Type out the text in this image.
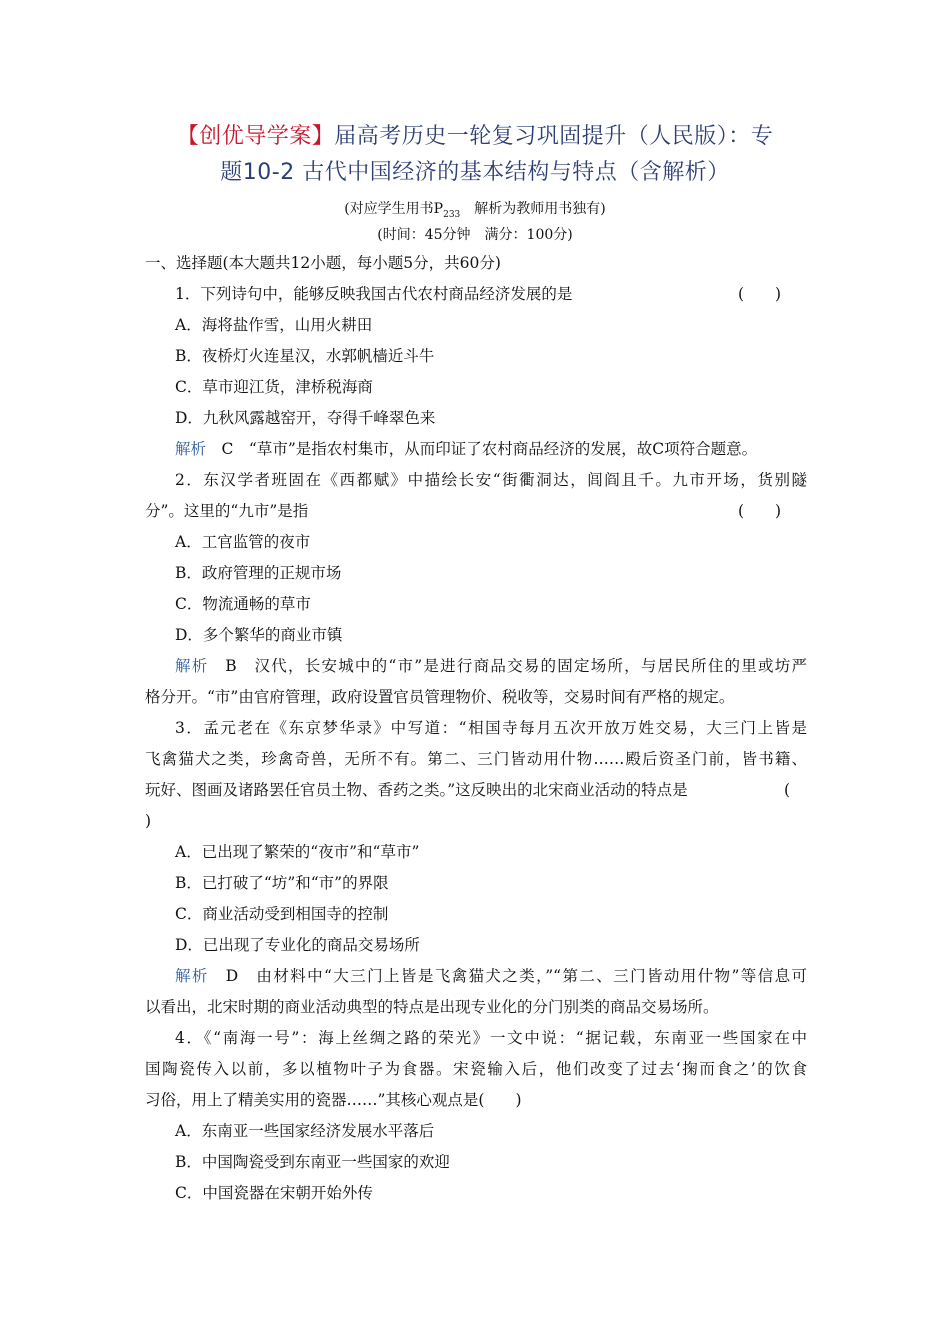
【创优导学案】届高考历史一轮复习巩固提升（人民版）：专
题10-2 古代中国经济的基本结构与特点（含解析）
(对应学生用书$P_{233}$　解析为教师用书独有)
(时间：45分钟　满分：100分)
一、选择题(本大题共12小题，每小题5分，共60分)
1．下列诗句中，能够反映我国古代农村商品经济发展的是	(　　)
A．海将盐作雪，山用火耕田
B．夜桥灯火连星汉，水郭帆樯近斗牛
C．草市迎江货，津桥税海商
D．九秋风露越窑开，夺得千峰翠色来
解析　 C　“草市”是指农村集市，从而印证了农村商品经济的发展，故C项符合题意。
2．东汉学者班固在《西都赋》中描绘长安“街衢洞达，闾阎且千。九市开场，货别隧
分”。这里的“九市”是指	(　　)
A．工官监管的夜市
B．政府管理的正规市场
C．物流通畅的草市
D．多个繁华的商业市镇
解析　 B　汉代，长安城中的“市”是进行商品交易的固定场所，与居民所住的里或坊严
格分开。“市”由官府管理，政府设置官员管理物价、税收等，交易时间有严格的规定。
3．孟元老在《东京梦华录》中写道：“相国寺每月五次开放万姓交易，大三门上皆是
飞禽猫犬之类，珍禽奇兽，无所不有。第二、三门皆动用什物……殿后资圣门前，皆书籍、
玩好、图画及诸路罢任官员土物、香药之类。”这反映出的北宋商业活动的特点是	(
)
A．已出现了繁荣的“夜市”和“草市”
B．已打破了“坊”和“市”的界限
C．商业活动受到相国寺的控制
D．已出现了专业化的商品交易场所
解析　 D　由材料中“大三门上皆是飞禽猫犬之类，”“第二、三门皆动用什物”等信息可
以看出，北宋时期的商业活动典型的特点是出现专业化的分门别类的商品交易场所。
4．《“南海一号”：海上丝绸之路的荣光》一文中说：“据记载，东南亚一些国家在中
国陶瓷传入以前，多以植物叶子为食器。宋瓷输入后，他们改变了过去‘掬而食之’的饮食
习俗，用上了精美实用的瓷器……”其核心观点是(　　)
A．东南亚一些国家经济发展水平落后
B．中国陶瓷受到东南亚一些国家的欢迎
C．中国瓷器在宋朝开始外传
